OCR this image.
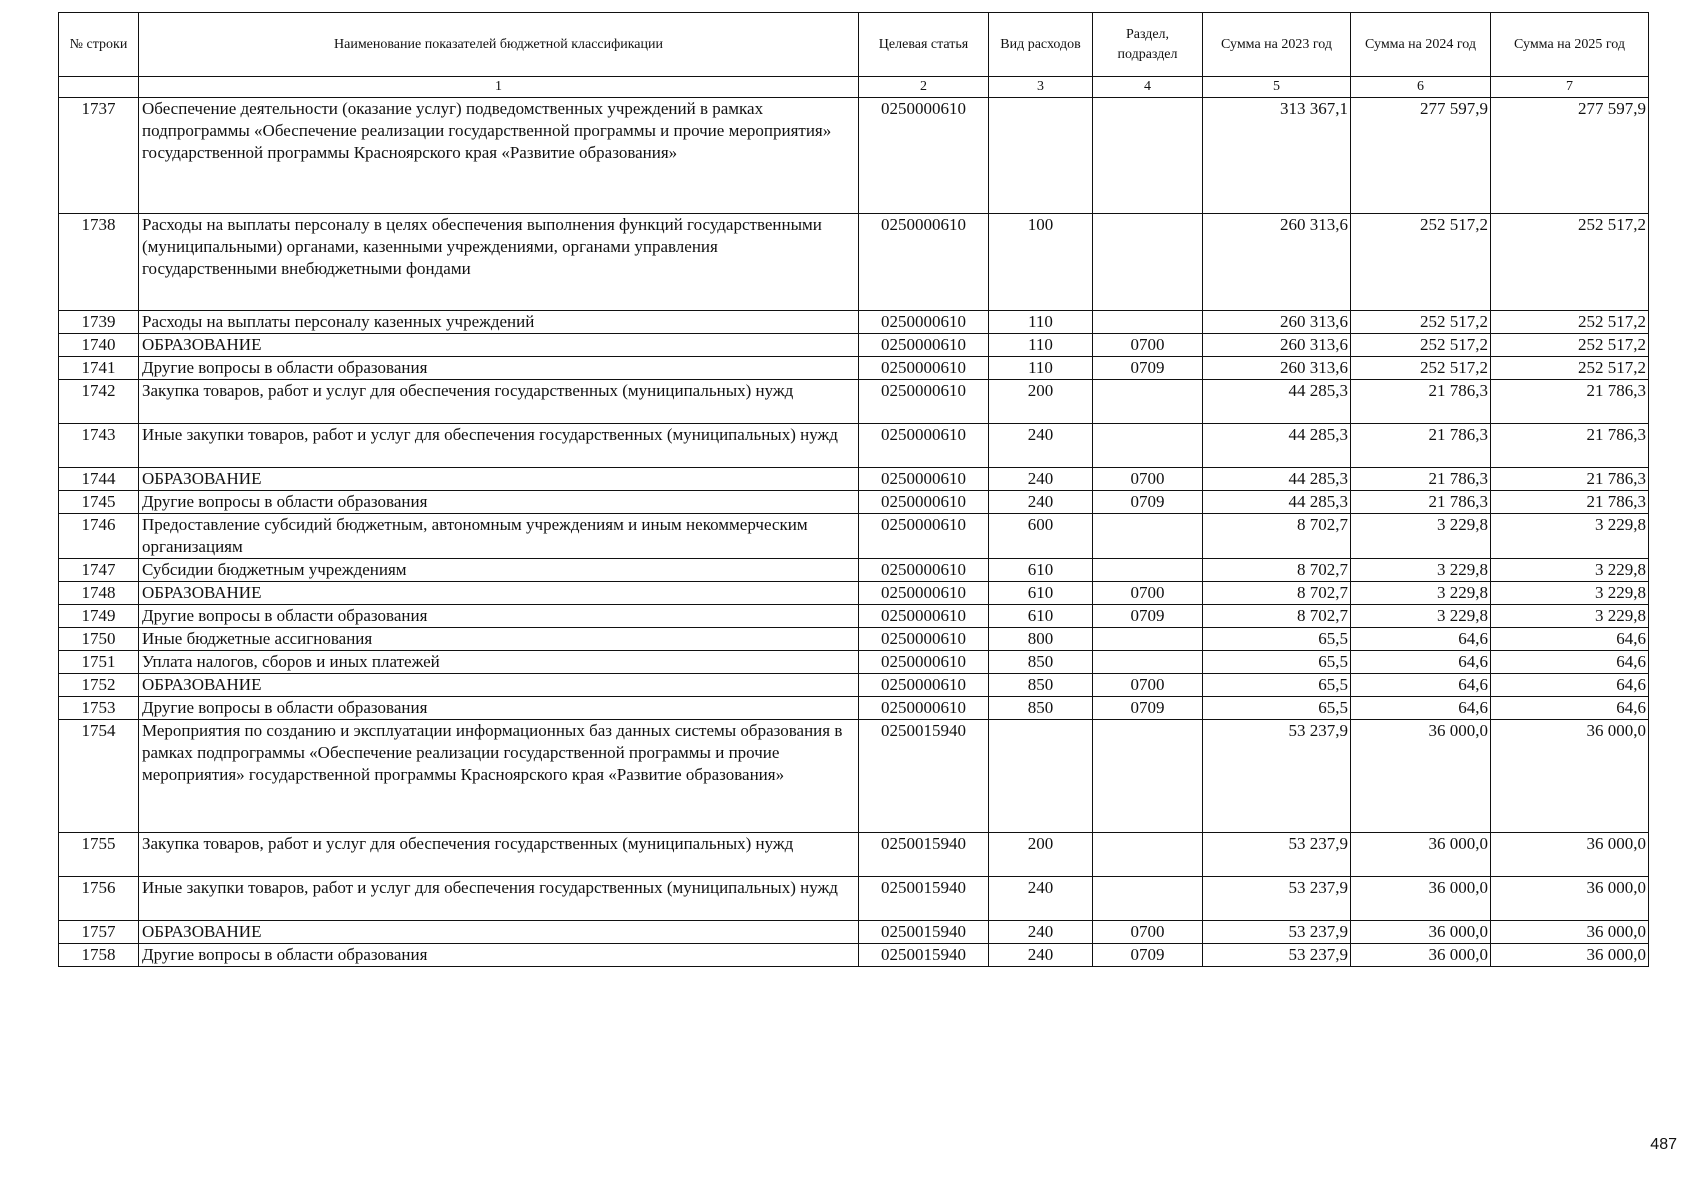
№ строки	Наименование показателей бюджетной классификации	Целевая статья	Вид расходов	Раздел, подраздел	Сумма на 2023 год	Сумма на 2024 год	Сумма на 2025 год
	1	2	3	4	5	6	7
1737	Обеспечение деятельности (оказание услуг) подведомственных учреждений в рамках подпрограммы «Обеспечение реализации государственной программы и прочие мероприятия» государственной программы Красноярского края «Развитие образования»	0250000610			313 367,1	277 597,9	277 597,9
1738	Расходы на выплаты персоналу в целях обеспечения выполнения функций государственными (муниципальными) органами, казенными учреждениями, органами управления государственными внебюджетными фондами	0250000610	100		260 313,6	252 517,2	252 517,2
1739	Расходы на выплаты персоналу казенных учреждений	0250000610	110		260 313,6	252 517,2	252 517,2
1740	ОБРАЗОВАНИЕ	0250000610	110	0700	260 313,6	252 517,2	252 517,2
1741	Другие вопросы в области образования	0250000610	110	0709	260 313,6	252 517,2	252 517,2
1742	Закупка товаров, работ и услуг для обеспечения государственных (муниципальных) нужд	0250000610	200		44 285,3	21 786,3	21 786,3
1743	Иные закупки товаров, работ и услуг для обеспечения государственных (муниципальных) нужд	0250000610	240		44 285,3	21 786,3	21 786,3
1744	ОБРАЗОВАНИЕ	0250000610	240	0700	44 285,3	21 786,3	21 786,3
1745	Другие вопросы в области образования	0250000610	240	0709	44 285,3	21 786,3	21 786,3
1746	Предоставление субсидий бюджетным, автономным учреждениям и иным некоммерческим организациям	0250000610	600		8 702,7	3 229,8	3 229,8
1747	Субсидии бюджетным учреждениям	0250000610	610		8 702,7	3 229,8	3 229,8
1748	ОБРАЗОВАНИЕ	0250000610	610	0700	8 702,7	3 229,8	3 229,8
1749	Другие вопросы в области образования	0250000610	610	0709	8 702,7	3 229,8	3 229,8
1750	Иные бюджетные ассигнования	0250000610	800		65,5	64,6	64,6
1751	Уплата налогов, сборов и иных платежей	0250000610	850		65,5	64,6	64,6
1752	ОБРАЗОВАНИЕ	0250000610	850	0700	65,5	64,6	64,6
1753	Другие вопросы в области образования	0250000610	850	0709	65,5	64,6	64,6
1754	Мероприятия по созданию и эксплуатации информационных баз данных системы образования в рамках подпрограммы «Обеспечение реализации государственной программы и прочие мероприятия» государственной программы Красноярского края «Развитие образования»	0250015940			53 237,9	36 000,0	36 000,0
1755	Закупка товаров, работ и услуг для обеспечения государственных (муниципальных) нужд	0250015940	200		53 237,9	36 000,0	36 000,0
1756	Иные закупки товаров, работ и услуг для обеспечения государственных (муниципальных) нужд	0250015940	240		53 237,9	36 000,0	36 000,0
1757	ОБРАЗОВАНИЕ	0250015940	240	0700	53 237,9	36 000,0	36 000,0
1758	Другие вопросы в области образования	0250015940	240	0709	53 237,9	36 000,0	36 000,0
487
